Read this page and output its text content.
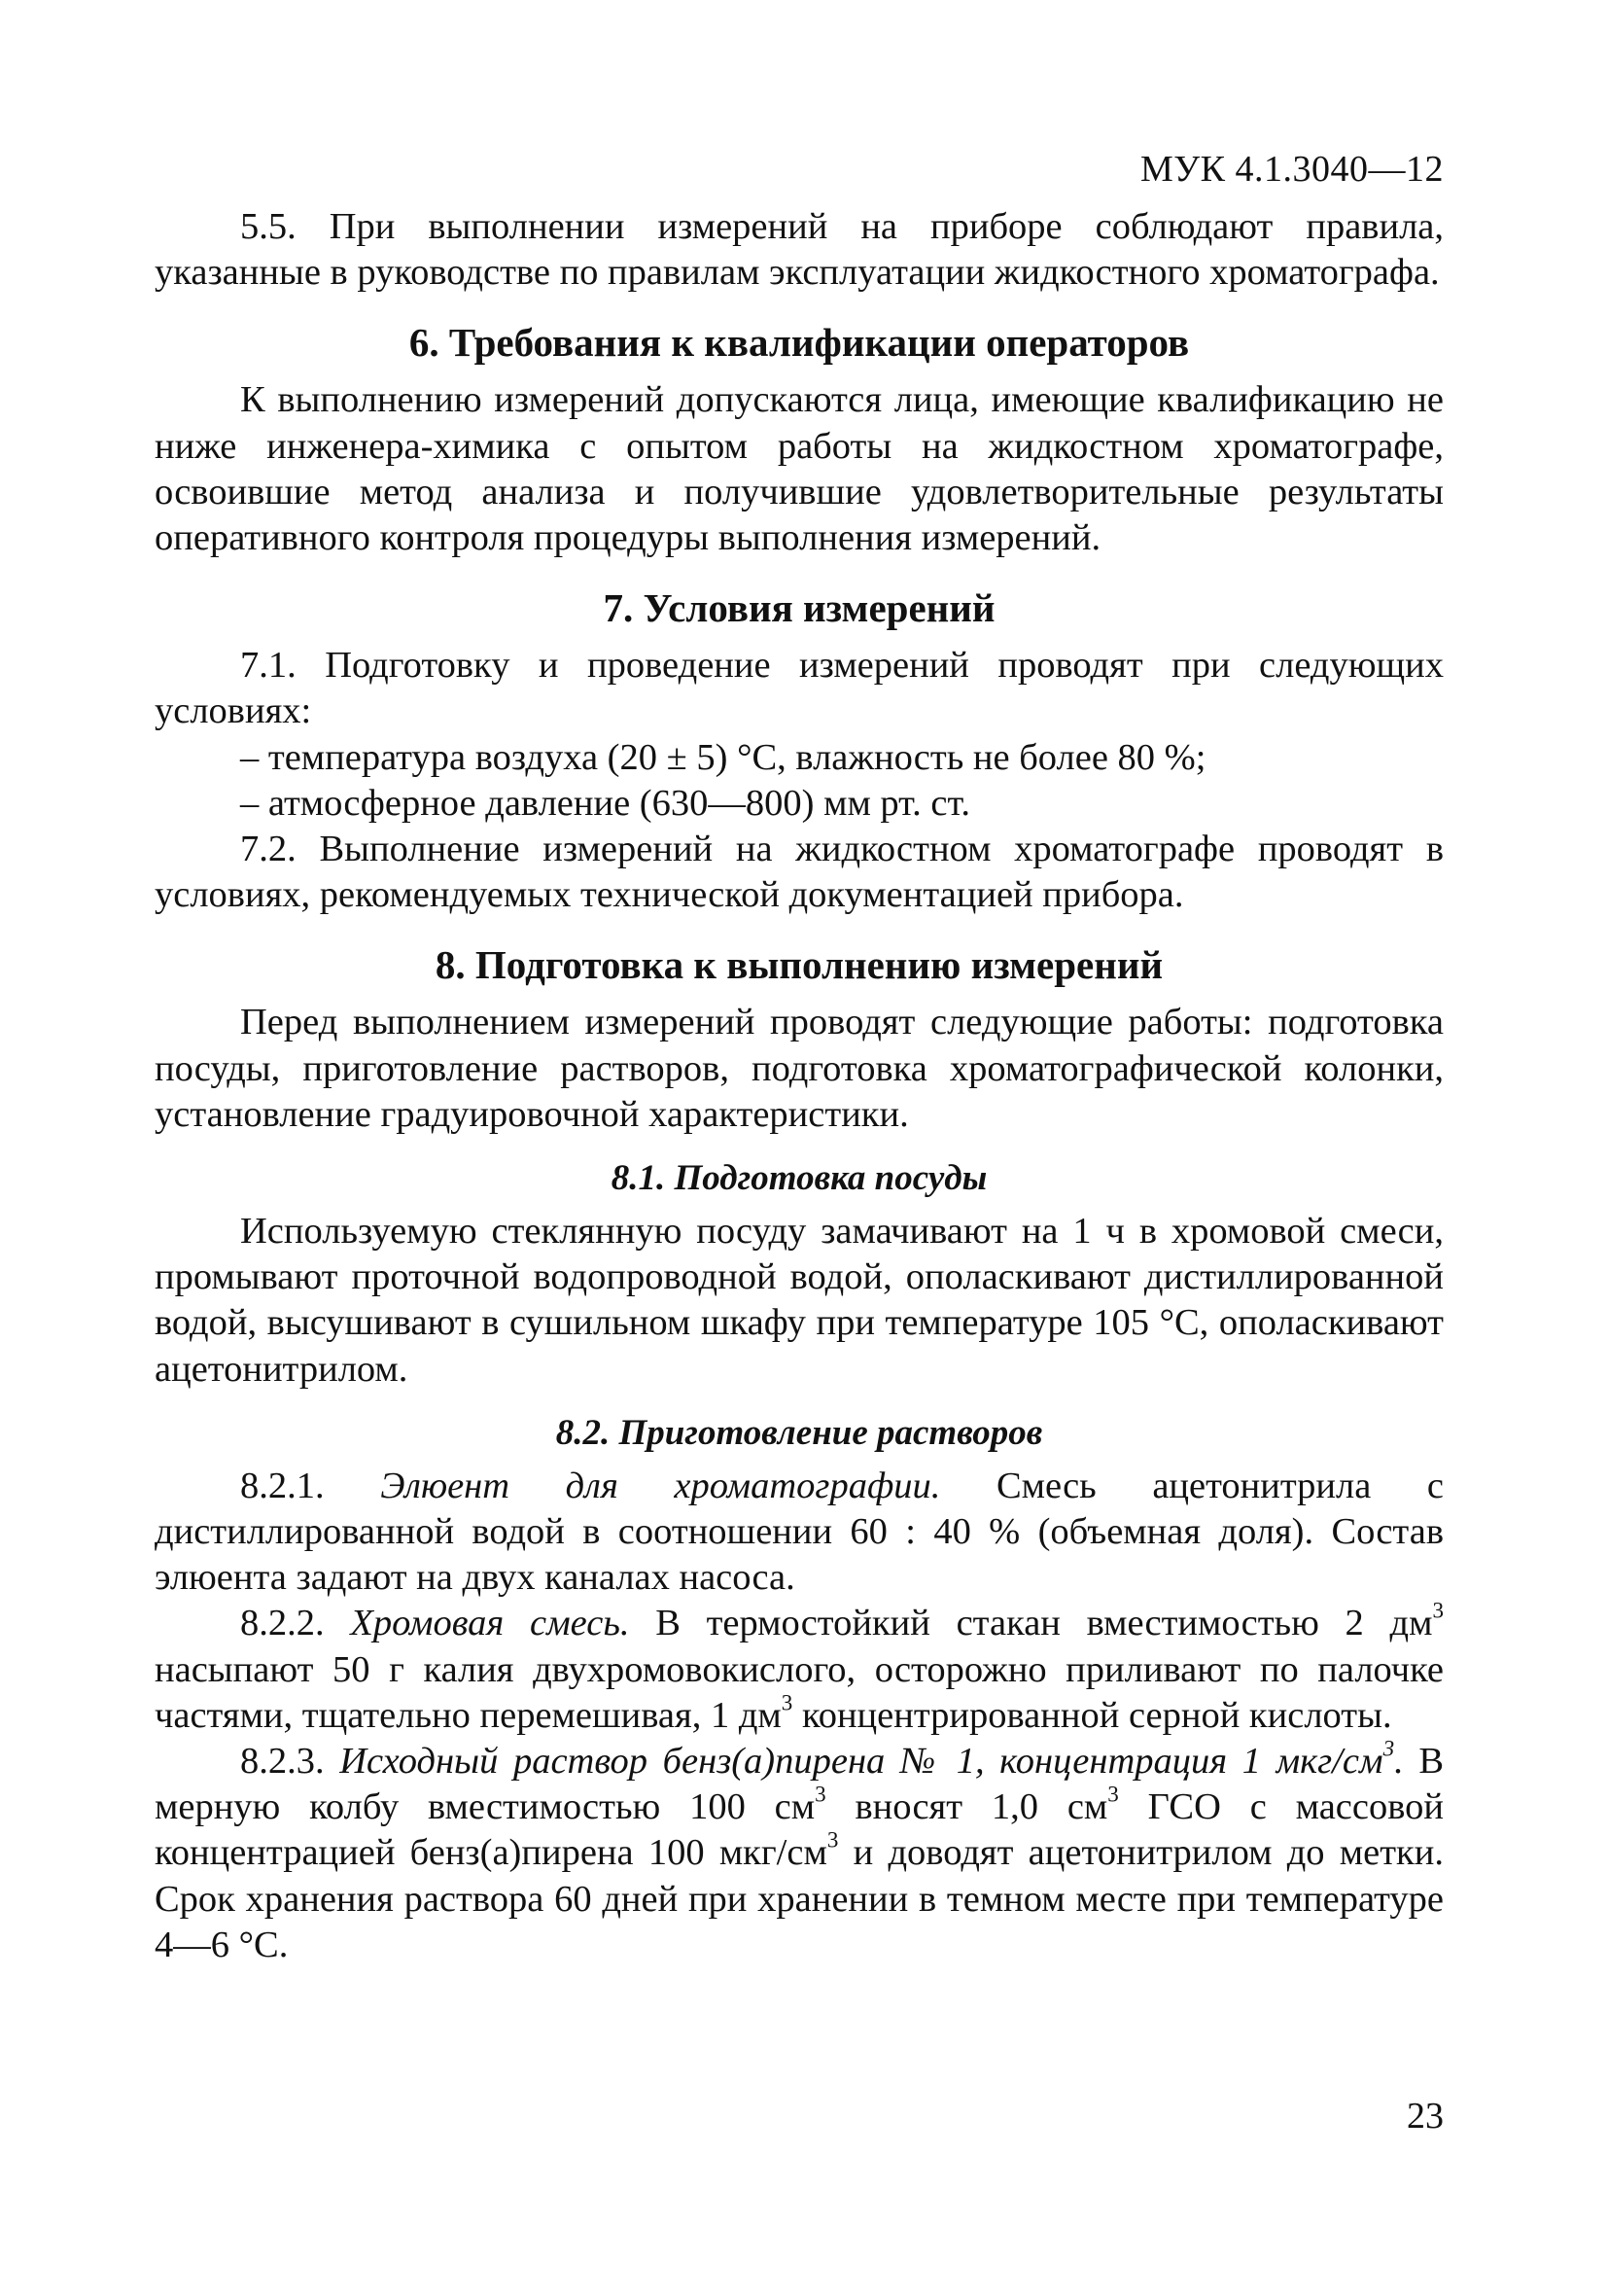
МУК 4.1.3040—12

5.5. При выполнении измерений на приборе соблюдают правила, указанные в руководстве по правилам эксплуатации жидкостного хроматографа.

6. Требования к квалификации операторов

К выполнению измерений допускаются лица, имеющие квалификацию не ниже инженера-химика с опытом работы на жидкостном хроматографе, освоившие метод анализа и получившие удовлетворительные результаты оперативного контроля процедуры выполнения измерений.

7. Условия измерений

7.1. Подготовку и проведение измерений проводят при следующих условиях:

– температура воздуха (20 ± 5) °С, влажность не более 80 %;

– атмосферное давление (630—800) мм рт. ст.

7.2. Выполнение измерений на жидкостном хроматографе проводят в условиях, рекомендуемых технической документацией прибора.

8. Подготовка к выполнению измерений

Перед выполнением измерений проводят следующие работы: подготовка посуды, приготовление растворов, подготовка хроматографической колонки, установление градуировочной характеристики.

8.1. Подготовка посуды

Используемую стеклянную посуду замачивают на 1 ч в хромовой смеси, промывают проточной водопроводной водой, ополаскивают дистиллированной водой, высушивают в сушильном шкафу при температуре 105 °С, ополаскивают ацетонитрилом.

8.2. Приготовление растворов

8.2.1. Элюент для хроматографии. Смесь ацетонитрила с дистиллированной водой в соотношении 60 : 40 % (объемная доля). Состав элюента задают на двух каналах насоса.

8.2.2. Хромовая смесь. В термостойкий стакан вместимостью 2 $дм^3$ насыпают 50 г калия двухромовокислого, осторожно приливают по палочке частями, тщательно перемешивая, 1 $дм^3$ концентрированной серной кислоты.

8.2.3. Исходный раствор бенз(а)пирена № 1, концентрация 1 мкг/$см^3$. В мерную колбу вместимостью 100 $см^3$ вносят 1,0 $см^3$ ГСО с массовой концентрацией бенз(а)пирена 100 мкг/$см^3$ и доводят ацетонитрилом до метки. Срок хранения раствора 60 дней при хранении в темном месте при температуре 4—6 °С.

23
